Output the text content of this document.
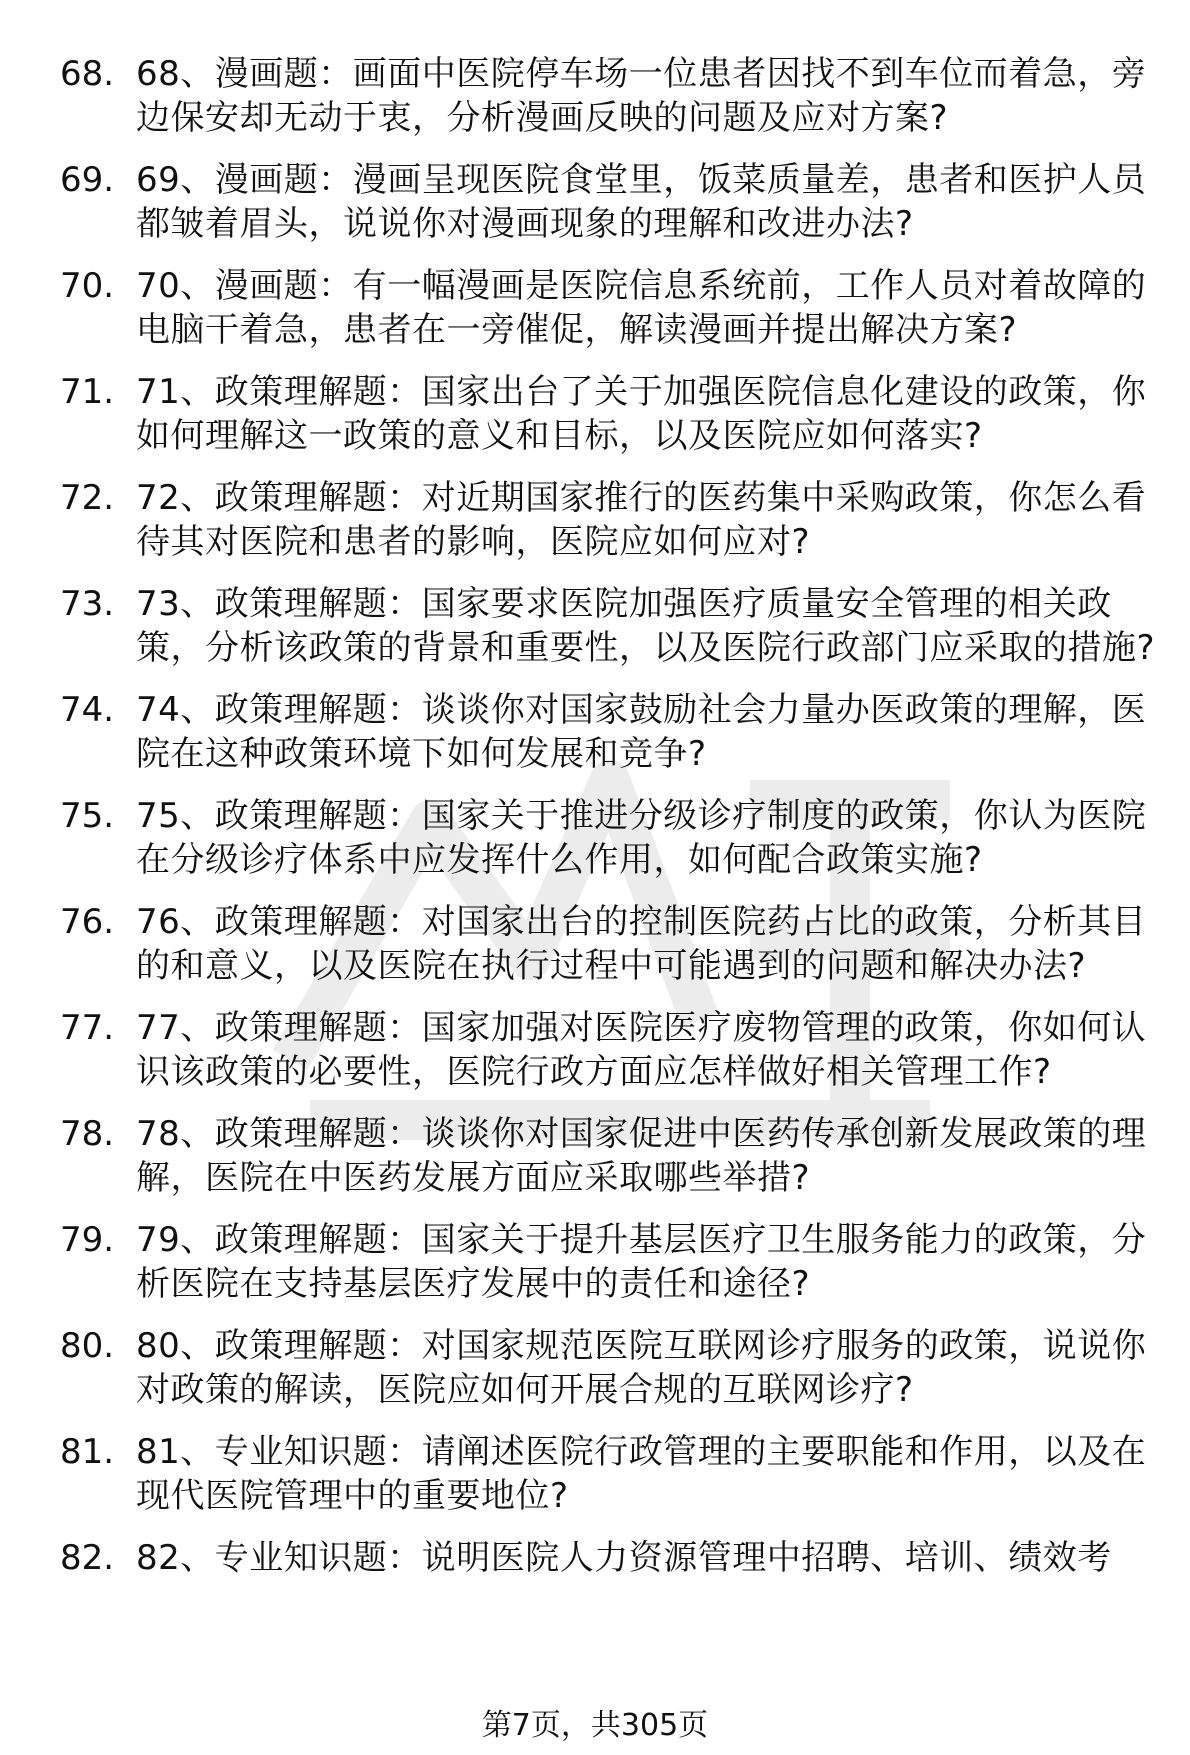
68. 68、漫画题：画面中医院停车场一位患者因找不到车位而着急，旁边保安却无动于衷，分析漫画反映的问题及应对方案?
69. 69、漫画题：漫画呈现医院食堂里，饭菜质量差，患者和医护人员都皱着眉头，说说你对漫画现象的理解和改进办法?
70. 70、漫画题：有一幅漫画是医院信息系统前，工作人员对着故障的电脑干着急，患者在一旁催促，解读漫画并提出解决方案?
71. 71、政策理解题：国家出台了关于加强医院信息化建设的政策，你如何理解这一政策的意义和目标，以及医院应如何落实?
72. 72、政策理解题：对近期国家推行的医药集中采购政策，你怎么看待其对医院和患者的影响，医院应如何应对?
73. 73、政策理解题：国家要求医院加强医疗质量安全管理的相关政策，分析该政策的背景和重要性，以及医院行政部门应采取的措施?
74. 74、政策理解题：谈谈你对国家鼓励社会力量办医政策的理解，医院在这种政策环境下如何发展和竞争?
75. 75、政策理解题：国家关于推进分级诊疗制度的政策，你认为医院在分级诊疗体系中应发挥什么作用，如何配合政策实施?
76. 76、政策理解题：对国家出台的控制医院药占比的政策，分析其目的和意义，以及医院在执行过程中可能遇到的问题和解决办法?
77. 77、政策理解题：国家加强对医院医疗废物管理的政策，你如何认识该政策的必要性，医院行政方面应怎样做好相关管理工作?
78. 78、政策理解题：谈谈你对国家促进中医药传承创新发展政策的理解，医院在中医药发展方面应采取哪些举措?
79. 79、政策理解题：国家关于提升基层医疗卫生服务能力的政策，分析医院在支持基层医疗发展中的责任和途径?
80. 80、政策理解题：对国家规范医院互联网诊疗服务的政策，说说你对政策的解读，医院应如何开展合规的互联网诊疗?
81. 81、专业知识题：请阐述医院行政管理的主要职能和作用，以及在现代医院管理中的重要地位?
82. 82、专业知识题：说明医院人力资源管理中招聘、培训、绩效考
第7页，共305页
